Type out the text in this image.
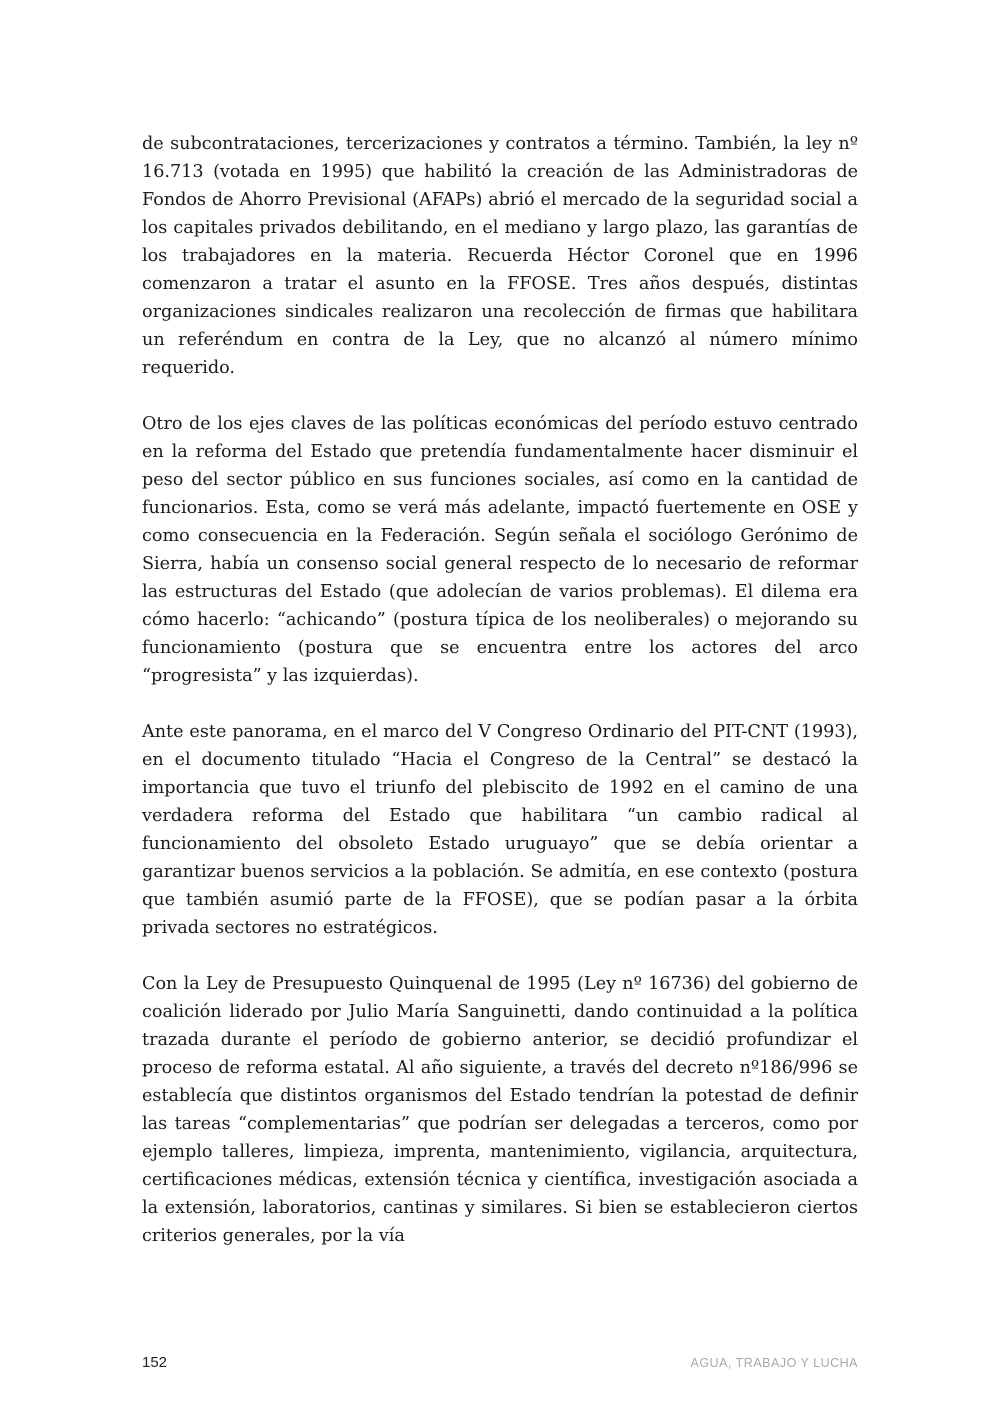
de subcontrataciones, tercerizaciones y contratos a término. También, la ley nº 16.713 (votada en 1995) que habilitó la creación de las Administradoras de Fondos de Ahorro Previsional (AFAPs) abrió el mercado de la seguridad social a los capitales privados debilitando, en el mediano y largo plazo, las garantías de los trabajadores en la materia. Recuerda Héctor Coronel que en 1996 comenzaron a tratar el asunto en la FFOSE. Tres años después, distintas organizaciones sindicales realizaron una recolección de firmas que habilitara un referéndum en contra de la Ley, que no alcanzó al número mínimo requerido.

Otro de los ejes claves de las políticas económicas del período estuvo centrado en la reforma del Estado que pretendía fundamentalmente hacer disminuir el peso del sector público en sus funciones sociales, así como en la cantidad de funcionarios. Esta, como se verá más adelante, impactó fuertemente en OSE y como consecuencia en la Federación. Según señala el sociólogo Gerónimo de Sierra, había un consenso social general respecto de lo necesario de reformar las estructuras del Estado (que adolecían de varios problemas). El dilema era cómo hacerlo: “achicando” (postura típica de los neoliberales) o mejorando su funcionamiento (postura que se encuentra entre los actores del arco “progresista” y las izquierdas).

Ante este panorama, en el marco del V Congreso Ordinario del PIT-CNT (1993), en el documento titulado “Hacia el Congreso de la Central” se destacó la importancia que tuvo el triunfo del plebiscito de 1992 en el camino de una verdadera reforma del Estado que habilitara “un cambio radical al funcionamiento del obsoleto Estado uruguayo” que se debía orientar a garantizar buenos servicios a la población. Se admitía, en ese contexto (postura que también asumió parte de la FFOSE), que se podían pasar a la órbita privada sectores no estratégicos.

Con la Ley de Presupuesto Quinquenal de 1995 (Ley nº 16736) del gobierno de coalición liderado por Julio María Sanguinetti, dando continuidad a la política trazada durante el período de gobierno anterior, se decidió profundizar el proceso de reforma estatal. Al año siguiente, a través del decreto nº186/996 se establecía que distintos organismos del Estado tendrían la potestad de definir las tareas “complementarias” que podrían ser delegadas a terceros, como por ejemplo talleres, limpieza, imprenta, mantenimiento, vigilancia, arquitectura, certificaciones médicas, extensión técnica y científica, investigación asociada a la extensión, laboratorios, cantinas y similares. Si bien se establecieron ciertos criterios generales, por la vía

152	AGUA, TRABAJO Y LUCHA
